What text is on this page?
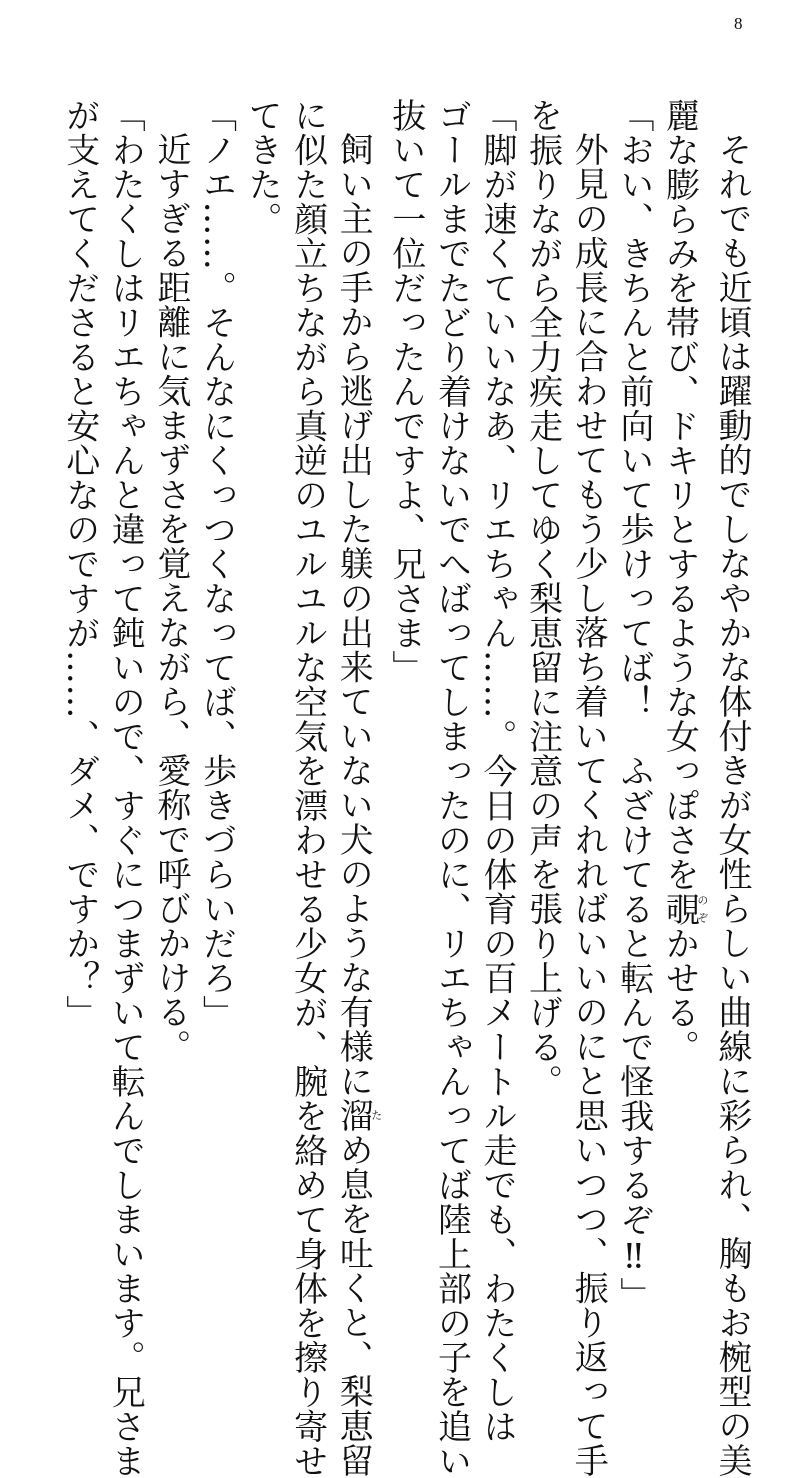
8
それでも近頃は躍動的でしなやかな体付きが女性らしい曲線に彩られ、胸もお椀型の美
麗な膨らみを帯び、ドキリとするような女っぽさを覗のぞかせる。
「おい、きちんと前向いて歩けってば！　ふざけてると転んで怪我するぞ‼」
外見の成長に合わせてもう少し落ち着いてくれればいいのにと思いつつ、振り返って手
を振りながら全力疾走してゆく梨恵留に注意の声を張り上げる。
「脚が速くていいなあ、リエちゃん……。今日の体育の百メートル走でも、わたくしは
ゴールまでたどり着けないでへばってしまったのに、リエちゃんってば陸上部の子を追い
抜いて一位だったんですよ、兄さま」
飼い主の手から逃げ出した躾の出来ていない犬のような有様に溜ため息を吐くと、梨恵留
に似た顔立ちながら真逆のユルユルな空気を漂わせる少女が、腕を絡めて身体を擦り寄せ
てきた。
「ノエ……。そんなにくっつくなってば、歩きづらいだろ」
近すぎる距離に気まずさを覚えながら、愛称で呼びかける。
「わたくしはリエちゃんと違って鈍いので、すぐにつまずいて転んでしまいます。兄さま
が支えてくださると安心なのですが……、ダメ、ですか？」
